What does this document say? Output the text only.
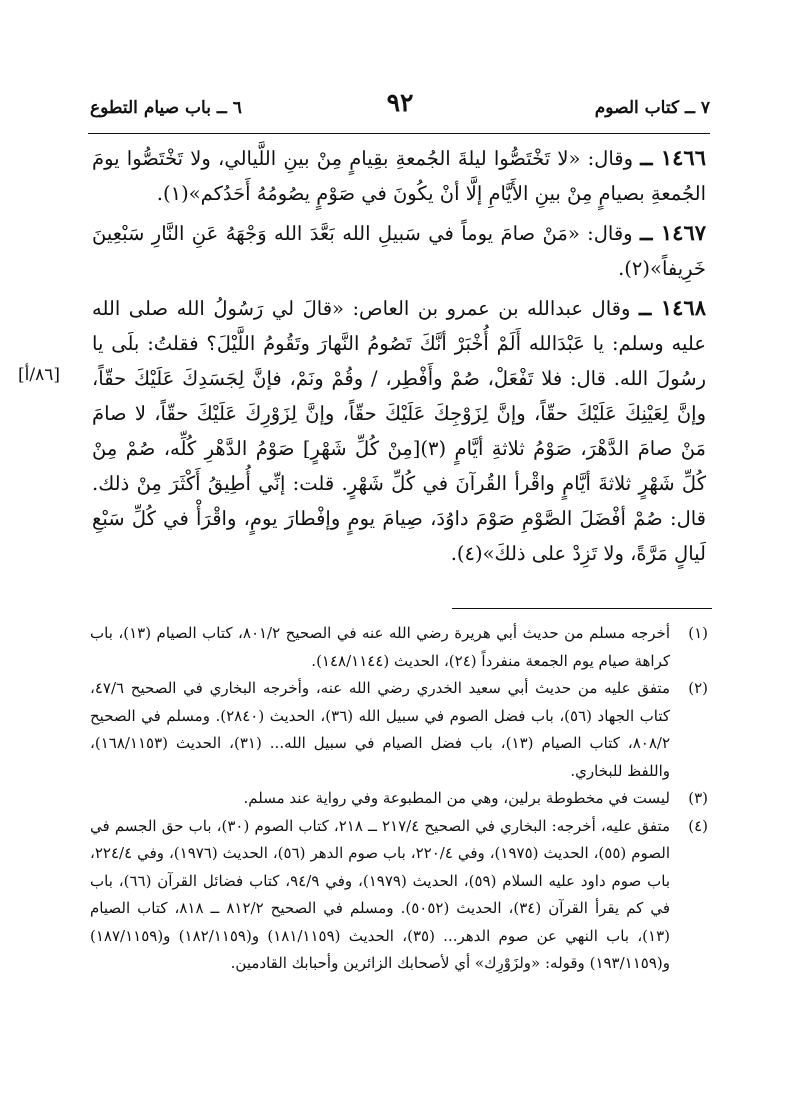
٧ ــ كتاب الصوم
٩٢
٦ ــ باب صيام التطوع
[٨٦/أ]

١٤٦٦ ــ وقال: «لا تَخْتَصُّوا ليلةَ الجُمعةِ بقِيامٍ مِنْ بينِ اللَّيالي، ولا تَخْتَصُّوا يومَ الجُمعةِ بصيامٍ مِنْ بينِ الأَيَّامِ إلَّا أنْ يكُونَ في صَوْمٍ يصُومُهُ أَحَدُكم»(١).

١٤٦٧ ــ وقال: «مَنْ صامَ يوماً في سَبيلِ الله بَعَّدَ الله وَجْهَهُ عَنِ النَّارِ سَبْعِينَ خَرِيفاً»(٢).

١٤٦٨ ــ وقال عبدالله بن عمرو بن العاص: «قالَ لي رَسُولُ الله صلى الله عليه وسلم: يا عَبْدَالله أَلَمْ أُخْبَرْ أنَّكَ تَصُومُ النَّهارَ وتَقُومُ اللَّيْلَ؟ فقلتُ: بلَى يا رسُولَ الله. قال: فلا تَفْعَلْ، صُمْ وأَفْطِر، / وقُمْ ونَمْ، فإنَّ لِجَسَدِكَ عَلَيْكَ حقّاً، وإنَّ لِعَيْنِكَ عَلَيْكَ حقّاً، وإنَّ لِزَوْجِكَ عَلَيْكَ حقّاً، وإنَّ لِزَوْرِكَ عَلَيْكَ حقّاً، لا صامَ مَنْ صامَ الدَّهْرَ، صَوْمُ ثلاثةِ أيَّامٍ (٣)[مِنْ كُلِّ شَهْرٍ] صَوْمُ الدَّهْرِ كُلِّه، صُمْ مِنْ كُلِّ شَهْرٍ ثلاثةَ أيَّامٍ واقْرأ القُرآنَ في كُلِّ شَهْرٍ. قلت: إنِّي أُطِيقُ أَكْثَرَ مِنْ ذلك. قال: صُمْ أفْضَلَ الصَّوْمِ صَوْمَ داوُدَ، صِيامَ يومٍ وإفْطارَ يومٍ، واقْرَأْ في كُلِّ سَبْعِ لَيالٍ مَرَّةً، ولا تَزِدْ على ذلكَ»(٤).

(١)
أخرجه مسلم من حديث أبي هريرة رضي الله عنه في الصحيح ٨٠١/٢، كتاب الصيام (١٣)، باب كراهة صيام يوم الجمعة منفرداً (٢٤)، الحديث (١٤٨/١١٤٤).
(٢)
متفق عليه من حديث أبي سعيد الخدري رضي الله عنه، وأخرجه البخاري في الصحيح ٤٧/٦، كتاب الجهاد (٥٦)، باب فضل الصوم في سبيل الله (٣٦)، الحديث (٢٨٤٠). ومسلم في الصحيح ٨٠٨/٢، كتاب الصيام (١٣)، باب فضل الصيام في سبيل الله... (٣١)، الحديث (١٦٨/١١٥٣)، واللفظ للبخاري.
(٣)
ليست في مخطوطة برلين، وهي من المطبوعة وفي رواية عند مسلم.
(٤)
متفق عليه، أخرجه: البخاري في الصحيح ٢١٧/٤ ــ ٢١٨، كتاب الصوم (٣٠)، باب حق الجسم في الصوم (٥٥)، الحديث (١٩٧٥)، وفي ٢٢٠/٤، باب صوم الدهر (٥٦)، الحديث (١٩٧٦)، وفي ٢٢٤/٤، باب صوم داود عليه السلام (٥٩)، الحديث (١٩٧٩)، وفي ٩٤/٩، كتاب فضائل القرآن (٦٦)، باب في كم يقرأ القرآن (٣٤)، الحديث (٥٠٥٢). ومسلم في الصحيح ٨١٢/٢ ــ ٨١٨، كتاب الصيام (١٣)، باب النهي عن صوم الدهر... (٣٥)، الحديث (١٨١/١١٥٩) و(١٨٢/١١٥٩) و(١٨٧/١١٥٩) و(١٩٣/١١٥٩) وقوله: «ولزَوْرِك» أي لأصحابك الزائرين وأحبابك القادمين.
